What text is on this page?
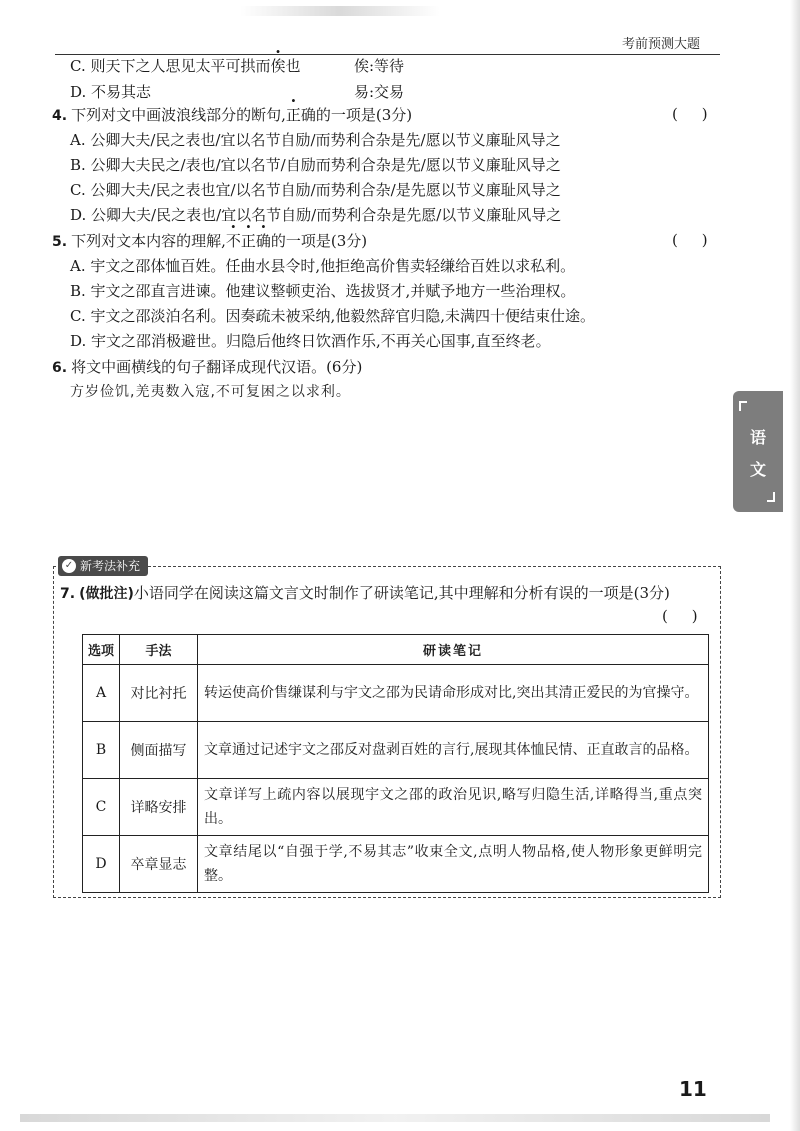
考前预测大题
C. 则天下之人思见太平可拱而俟也	俟:等待
D. 不易其志	易:交易
4. 下列对文中画波浪线部分的断句,正确的一项是(3分)	(     )
A. 公卿大夫/民之表也/宜以名节自励/而势利合杂是先/愿以节义廉耻风导之
B. 公卿大夫民之/表也/宜以名节/自励而势利合杂是先/愿以节义廉耻风导之
C. 公卿大夫/民之表也宜/以名节自励/而势利合杂/是先愿以节义廉耻风导之
D. 公卿大夫/民之表也/宜以名节自励/而势利合杂是先愿/以节义廉耻风导之
5. 下列对文本内容的理解,不正确的一项是(3分)	(     )
A. 宇文之邵体恤百姓。任曲水县令时,他拒绝高价售卖轻缣给百姓以求私利。
B. 宇文之邵直言进谏。他建议整顿吏治、选拔贤才,并赋予地方一些治理权。
C. 宇文之邵淡泊名利。因奏疏未被采纳,他毅然辞官归隐,未满四十便结束仕途。
D. 宇文之邵消极避世。归隐后他终日饮酒作乐,不再关心国事,直至终老。
6. 将文中画横线的句子翻译成现代汉语。(6分)
方岁俭饥,羌夷数入寇,不可复困之以求利。
语
文
✓ 新考法补充
7. (做批注)小语同学在阅读这篇文言文时制作了研读笔记,其中理解和分析有误的一项是(3分)
(     )
选项	手法	研读笔记
A	对比衬托	转运使高价售缣谋利与宇文之邵为民请命形成对比,突出其清正爱民的为官操守。
B	侧面描写	文章通过记述宇文之邵反对盘剥百姓的言行,展现其体恤民情、正直敢言的品格。
C	详略安排	文章详写上疏内容以展现宇文之邵的政治见识,略写归隐生活,详略得当,重点突出。
D	卒章显志	文章结尾以“自强于学,不易其志”收束全文,点明人物品格,使人物形象更鲜明完整。
11
